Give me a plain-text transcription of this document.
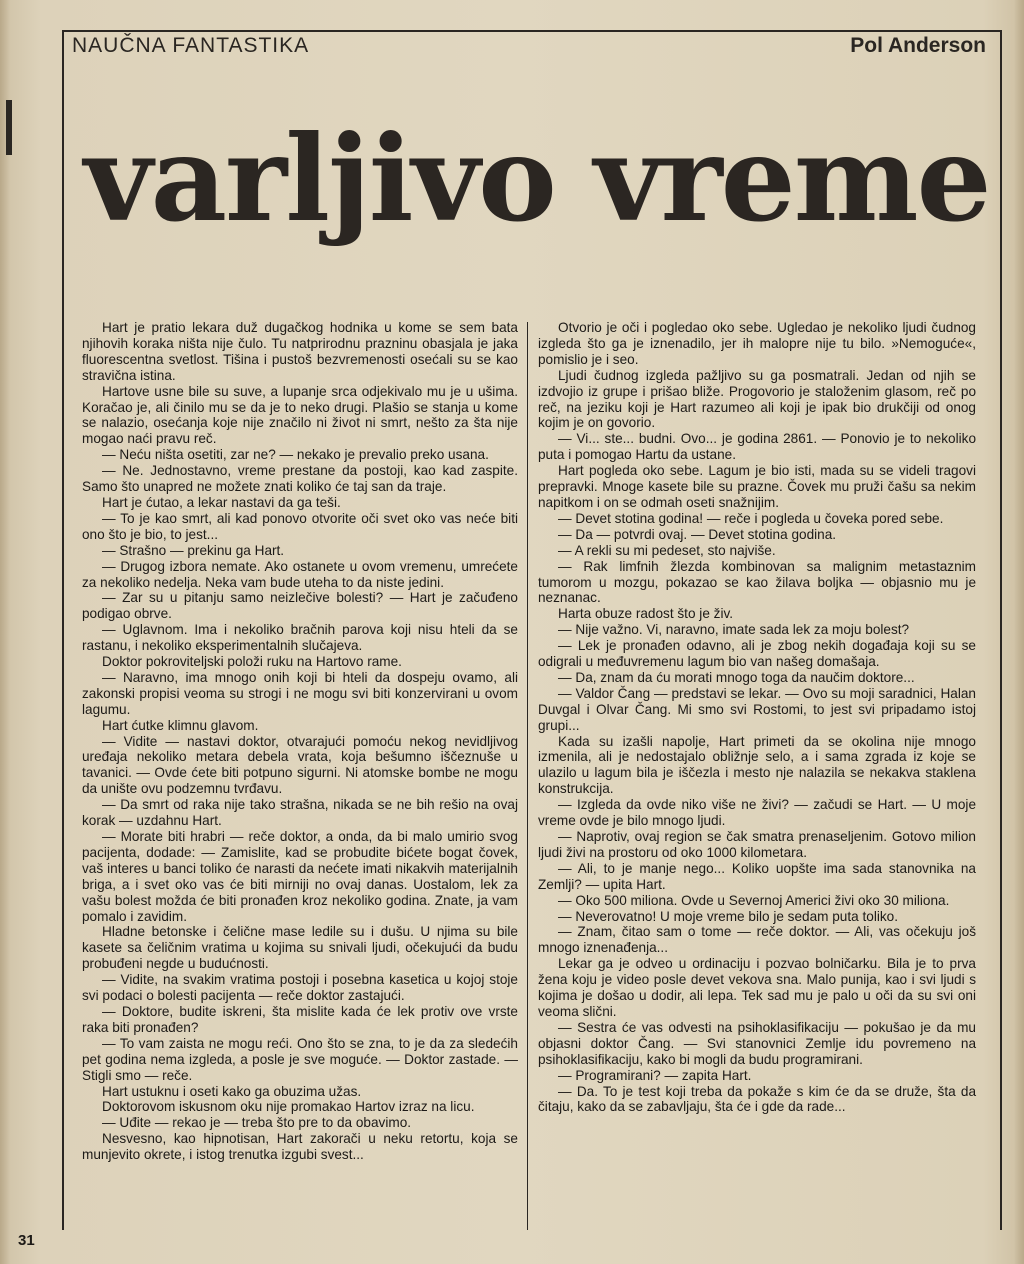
NAUČNA FANTASTIKA	Pol Anderson
varljivo vreme

Hart je pratio lekara duž dugačkog hodnika u kome se sem bata njihovih koraka ništa nije čulo. Tu natprirodnu prazninu obasjala je jaka fluorescentna svetlost. Tišina i pustoš bezvremenosti osećali su se kao stravična istina.

Hartove usne bile su suve, a lupanje srca odjekivalo mu je u ušima. Koračao je, ali činilo mu se da je to neko drugi. Plašio se stanja u kome se nalazio, osećanja koje nije značilo ni život ni smrt, nešto za šta nije mogao naći pravu reč.

— Neću ništa osetiti, zar ne? — nekako je prevalio preko usana.

— Ne. Jednostavno, vreme prestane da postoji, kao kad zaspite. Samo što unapred ne možete znati koliko će taj san da traje.

Hart je ćutao, a lekar nastavi da ga teši.

— To je kao smrt, ali kad ponovo otvorite oči svet oko vas neće biti ono što je bio, to jest...

— Strašno — prekinu ga Hart.

— Drugog izbora nemate. Ako ostanete u ovom vremenu, umrećete za nekoliko nedelja. Neka vam bude uteha to da niste jedini.

— Zar su u pitanju samo neizlečive bolesti? — Hart je začuđeno podigao obrve.

— Uglavnom. Ima i nekoliko bračnih parova koji nisu hteli da se rastanu, i nekoliko eksperimentalnih slučajeva.

Doktor pokroviteljski položi ruku na Hartovo rame.

— Naravno, ima mnogo onih koji bi hteli da dospeju ovamo, ali zakonski propisi veoma su strogi i ne mogu svi biti konzervirani u ovom lagumu.

Hart ćutke klimnu glavom.

— Vidite — nastavi doktor, otvarajući pomoću nekog nevidljivog uređaja nekoliko metara debela vrata, koja bešumno iščeznuše u tavanici. — Ovde ćete biti potpuno sigurni. Ni atomske bombe ne mogu da unište ovu podzemnu tvrđavu.

— Da smrt od raka nije tako strašna, nikada se ne bih rešio na ovaj korak — uzdahnu Hart.

— Morate biti hrabri — reče doktor, a onda, da bi malo umirio svog pacijenta, dodade: — Zamislite, kad se probudite bićete bogat čovek, vaš interes u banci toliko će narasti da nećete imati nikakvih materijalnih briga, a i svet oko vas će biti mirniji no ovaj danas. Uostalom, lek za vašu bolest možda će biti pronađen kroz nekoliko godina. Znate, ja vam pomalo i zavidim.

Hladne betonske i čelične mase ledile su i dušu. U njima su bile kasete sa čeličnim vratima u kojima su snivali ljudi, očekujući da budu probuđeni negde u budućnosti.

— Vidite, na svakim vratima postoji i posebna kasetica u kojoj stoje svi podaci o bolesti pacijenta — reče doktor zastajući.

— Doktore, budite iskreni, šta mislite kada će lek protiv ove vrste raka biti pronađen?

— To vam zaista ne mogu reći. Ono što se zna, to je da za sledećih pet godina nema izgleda, a posle je sve moguće. — Doktor zastade. — Stigli smo — reče.

Hart ustuknu i oseti kako ga obuzima užas.

Doktorovom iskusnom oku nije promakao Hartov izraz na licu.

— Uđite — rekao je — treba što pre to da obavimo.

Nesvesno, kao hipnotisan, Hart zakorači u neku retortu, koja se munjevito okrete, i istog trenutka izgubi svest...

Otvorio je oči i pogledao oko sebe. Ugledao je nekoliko ljudi čudnog izgleda što ga je iznenadilo, jer ih malopre nije tu bilo. »Nemoguće«, pomislio je i seo.

Ljudi čudnog izgleda pažljivo su ga posmatrali. Jedan od njih se izdvojio iz grupe i prišao bliže. Progovorio je staloženim glasom, reč po reč, na jeziku koji je Hart razumeo ali koji je ipak bio drukčiji od onog kojim je on govorio.

— Vi... ste... budni. Ovo... je godina 2861. — Ponovio je to nekoliko puta i pomogao Hartu da ustane.

Hart pogleda oko sebe. Lagum je bio isti, mada su se videli tragovi prepravki. Mnoge kasete bile su prazne. Čovek mu pruži čašu sa nekim napitkom i on se odmah oseti snažnijim.

— Devet stotina godina! — reče i pogleda u čoveka pored sebe.

— Da — potvrdi ovaj. — Devet stotina godina.

— A rekli su mi pedeset, sto najviše.

— Rak limfnih žlezda kombinovan sa malignim metastaznim tumorom u mozgu, pokazao se kao žilava boljka — objasnio mu je neznanac.

Harta obuze radost što je živ.

— Nije važno. Vi, naravno, imate sada lek za moju bolest?

— Lek je pronađen odavno, ali je zbog nekih događaja koji su se odigrali u međuvremenu lagum bio van našeg domašaja.

— Da, znam da ću morati mnogo toga da naučim doktore...

— Valdor Čang — predstavi se lekar. — Ovo su moji saradnici, Halan Duvgal i Olvar Čang. Mi smo svi Rostomi, to jest svi pripadamo istoj grupi...

Kada su izašli napolje, Hart primeti da se okolina nije mnogo izmenila, ali je nedostajalo obližnje selo, a i sama zgrada iz koje se ulazilo u lagum bila je iščezla i mesto nje nalazila se nekakva staklena konstrukcija.

— Izgleda da ovde niko više ne živi? — začudi se Hart. — U moje vreme ovde je bilo mnogo ljudi.

— Naprotiv, ovaj region se čak smatra prenaseljenim. Gotovo milion ljudi živi na prostoru od oko 1000 kilometara.

— Ali, to je manje nego... Koliko uopšte ima sada stanovnika na Zemlji? — upita Hart.

— Oko 500 miliona. Ovde u Severnoj Americi živi oko 30 miliona.

— Neverovatno! U moje vreme bilo je sedam puta toliko.

— Znam, čitao sam o tome — reče doktor. — Ali, vas očekuju još mnogo iznenađenja...

Lekar ga je odveo u ordinaciju i pozvao bolničarku. Bila je to prva žena koju je video posle devet vekova sna. Malo punija, kao i svi ljudi s kojima je došao u dodir, ali lepa. Tek sad mu je palo u oči da su svi oni veoma slični.

— Sestra će vas odvesti na psihoklasifikaciju — pokušao je da mu objasni doktor Čang. — Svi stanovnici Zemlje idu povremeno na psihoklasifikaciju, kako bi mogli da budu programirani.

— Programirani? — zapita Hart.

— Da. To je test koji treba da pokaže s kim će da se druže, šta da čitaju, kako da se zabavljaju, šta će i gde da rade...

31
